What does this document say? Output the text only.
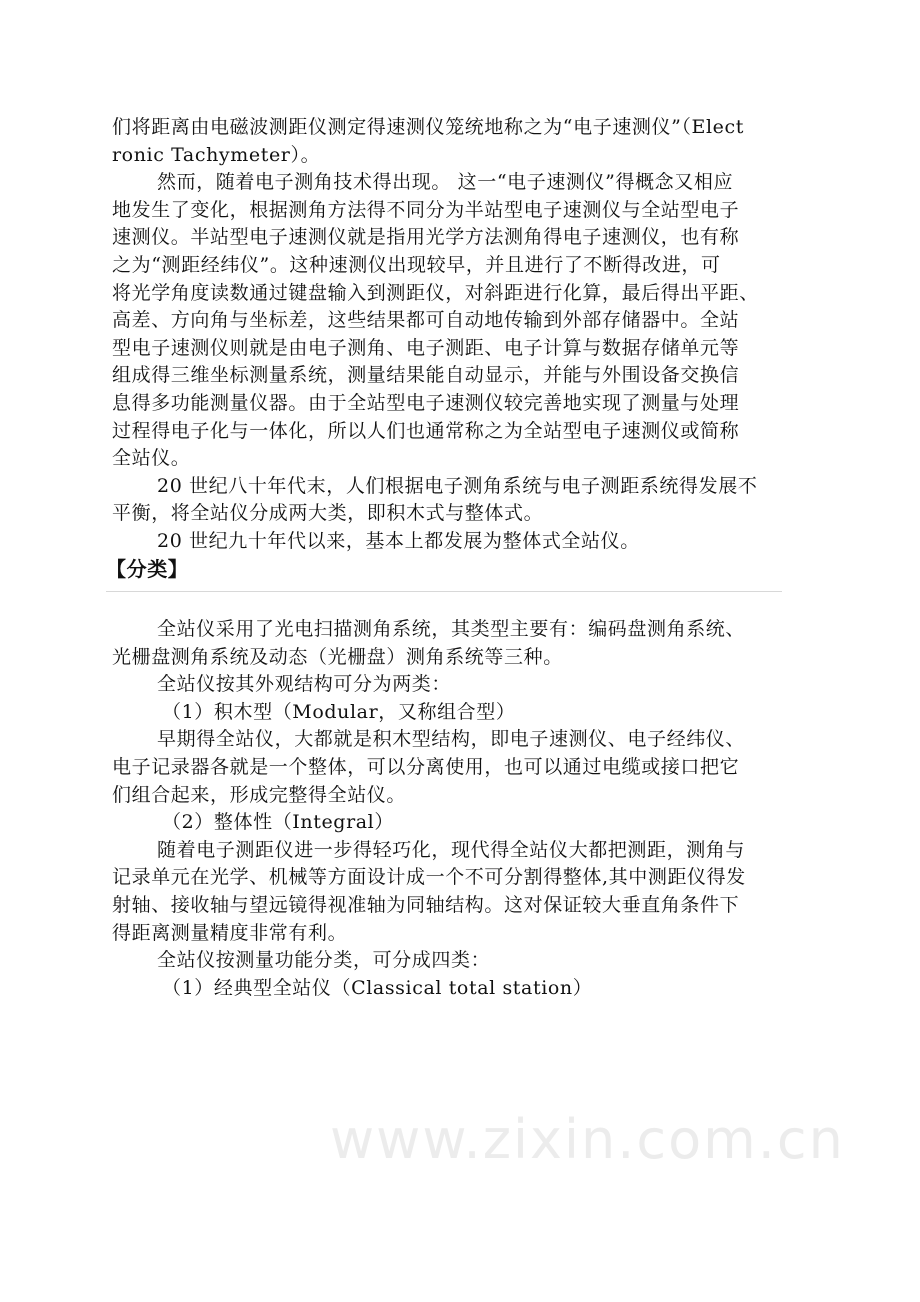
www.zixin.com.cn
们将距离由电磁波测距仪测定得速测仪笼统地称之为“电子速测仪”（Elect
ronic Tachymeter）。
然而，随着电子测角技术得出现。 这一“电子速测仪”得概念又相应
地发生了变化，根据测角方法得不同分为半站型电子速测仪与全站型电子
速测仪。半站型电子速测仪就是指用光学方法测角得电子速测仪，也有称
之为“测距经纬仪”。这种速测仪出现较早，并且进行了不断得改进，可
将光学角度读数通过键盘输入到测距仪，对斜距进行化算，最后得出平距、
高差、方向角与坐标差，这些结果都可自动地传输到外部存储器中。全站
型电子速测仪则就是由电子测角、电子测距、电子计算与数据存储单元等
组成得三维坐标测量系统，测量结果能自动显示，并能与外围设备交换信
息得多功能测量仪器。由于全站型电子速测仪较完善地实现了测量与处理
过程得电子化与一体化，所以人们也通常称之为全站型电子速测仪或简称
全站仪。
20 世纪八十年代末，人们根据电子测角系统与电子测距系统得发展不
平衡，将全站仪分成两大类，即积木式与整体式。
20 世纪九十年代以来，基本上都发展为整体式全站仪。
【分类】
全站仪采用了光电扫描测角系统，其类型主要有：编码盘测角系统、
光栅盘测角系统及动态（光栅盘）测角系统等三种。
全站仪按其外观结构可分为两类：
（1）积木型（Modular，又称组合型）
早期得全站仪，大都就是积木型结构，即电子速测仪、电子经纬仪、
电子记录器各就是一个整体，可以分离使用，也可以通过电缆或接口把它
们组合起来，形成完整得全站仪。
（2）整体性（Integral）
随着电子测距仪进一步得轻巧化，现代得全站仪大都把测距，测角与
记录单元在光学、机械等方面设计成一个不可分割得整体,其中测距仪得发
射轴、接收轴与望远镜得视准轴为同轴结构。这对保证较大垂直角条件下
得距离测量精度非常有利。
全站仪按测量功能分类，可分成四类：
（1）经典型全站仪（Classical total station）
